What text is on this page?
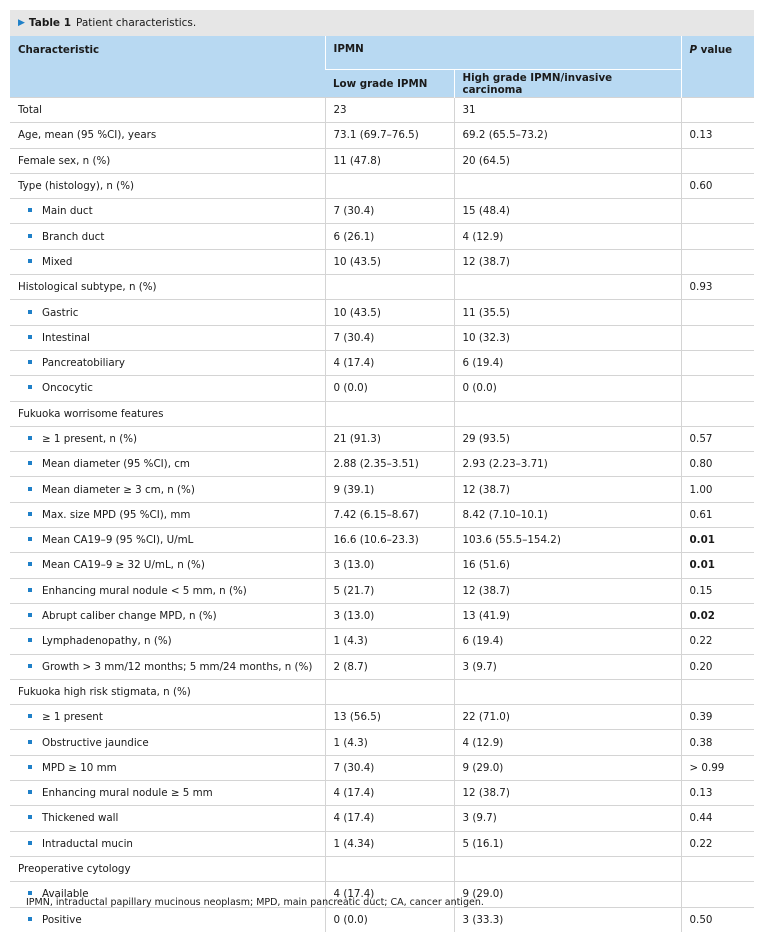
▶ Table 1 Patient characteristics.
Characteristic	IPMN		P value
	Low grade IPMN	High grade IPMN/invasive carcinoma	
Total	23	31	
Age, mean (95 %CI), years	73.1 (69.7–76.5)	69.2 (65.5–73.2)	0.13
Female sex, n (%)	11 (47.8)	20 (64.5)	
Type (histology), n (%)			0.60
Main duct	7 (30.4)	15 (48.4)	
Branch duct	6 (26.1)	4 (12.9)	
Mixed	10 (43.5)	12 (38.7)	
Histological subtype, n (%)			0.93
Gastric	10 (43.5)	11 (35.5)	
Intestinal	7 (30.4)	10 (32.3)	
Pancreatobiliary	4 (17.4)	6 (19.4)	
Oncocytic	0 (0.0)	0 (0.0)	
Fukuoka worrisome features			
≥ 1 present, n (%)	21 (91.3)	29 (93.5)	0.57
Mean diameter (95 %CI), cm	2.88 (2.35–3.51)	2.93 (2.23–3.71)	0.80
Mean diameter ≥ 3 cm, n (%)	9 (39.1)	12 (38.7)	1.00
Max. size MPD (95 %CI), mm	7.42 (6.15–8.67)	8.42 (7.10–10.1)	0.61
Mean CA19–9 (95 %CI), U/mL	16.6 (10.6–23.3)	103.6 (55.5–154.2)	0.01
Mean CA19–9 ≥ 32 U/mL, n (%)	3 (13.0)	16 (51.6)	0.01
Enhancing mural nodule < 5 mm, n (%)	5 (21.7)	12 (38.7)	0.15
Abrupt caliber change MPD, n (%)	3 (13.0)	13 (41.9)	0.02
Lymphadenopathy, n (%)	1 (4.3)	6 (19.4)	0.22
Growth > 3 mm/12 months; 5 mm/24 months, n (%)	2 (8.7)	3 (9.7)	0.20
Fukuoka high risk stigmata, n (%)			
≥ 1 present	13 (56.5)	22 (71.0)	0.39
Obstructive jaundice	1 (4.3)	4 (12.9)	0.38
MPD ≥ 10 mm	7 (30.4)	9 (29.0)	> 0.99
Enhancing mural nodule ≥ 5 mm	4 (17.4)	12 (38.7)	0.13
Thickened wall	4 (17.4)	3 (9.7)	0.44
Intraductal mucin	1 (4.34)	5 (16.1)	0.22
Preoperative cytology			
Available	4 (17.4)	9 (29.0)	
Positive	0 (0.0)	3 (33.3)	0.50
IPMN, intraductal papillary mucinous neoplasm; MPD, main pancreatic duct; CA, cancer antigen.
